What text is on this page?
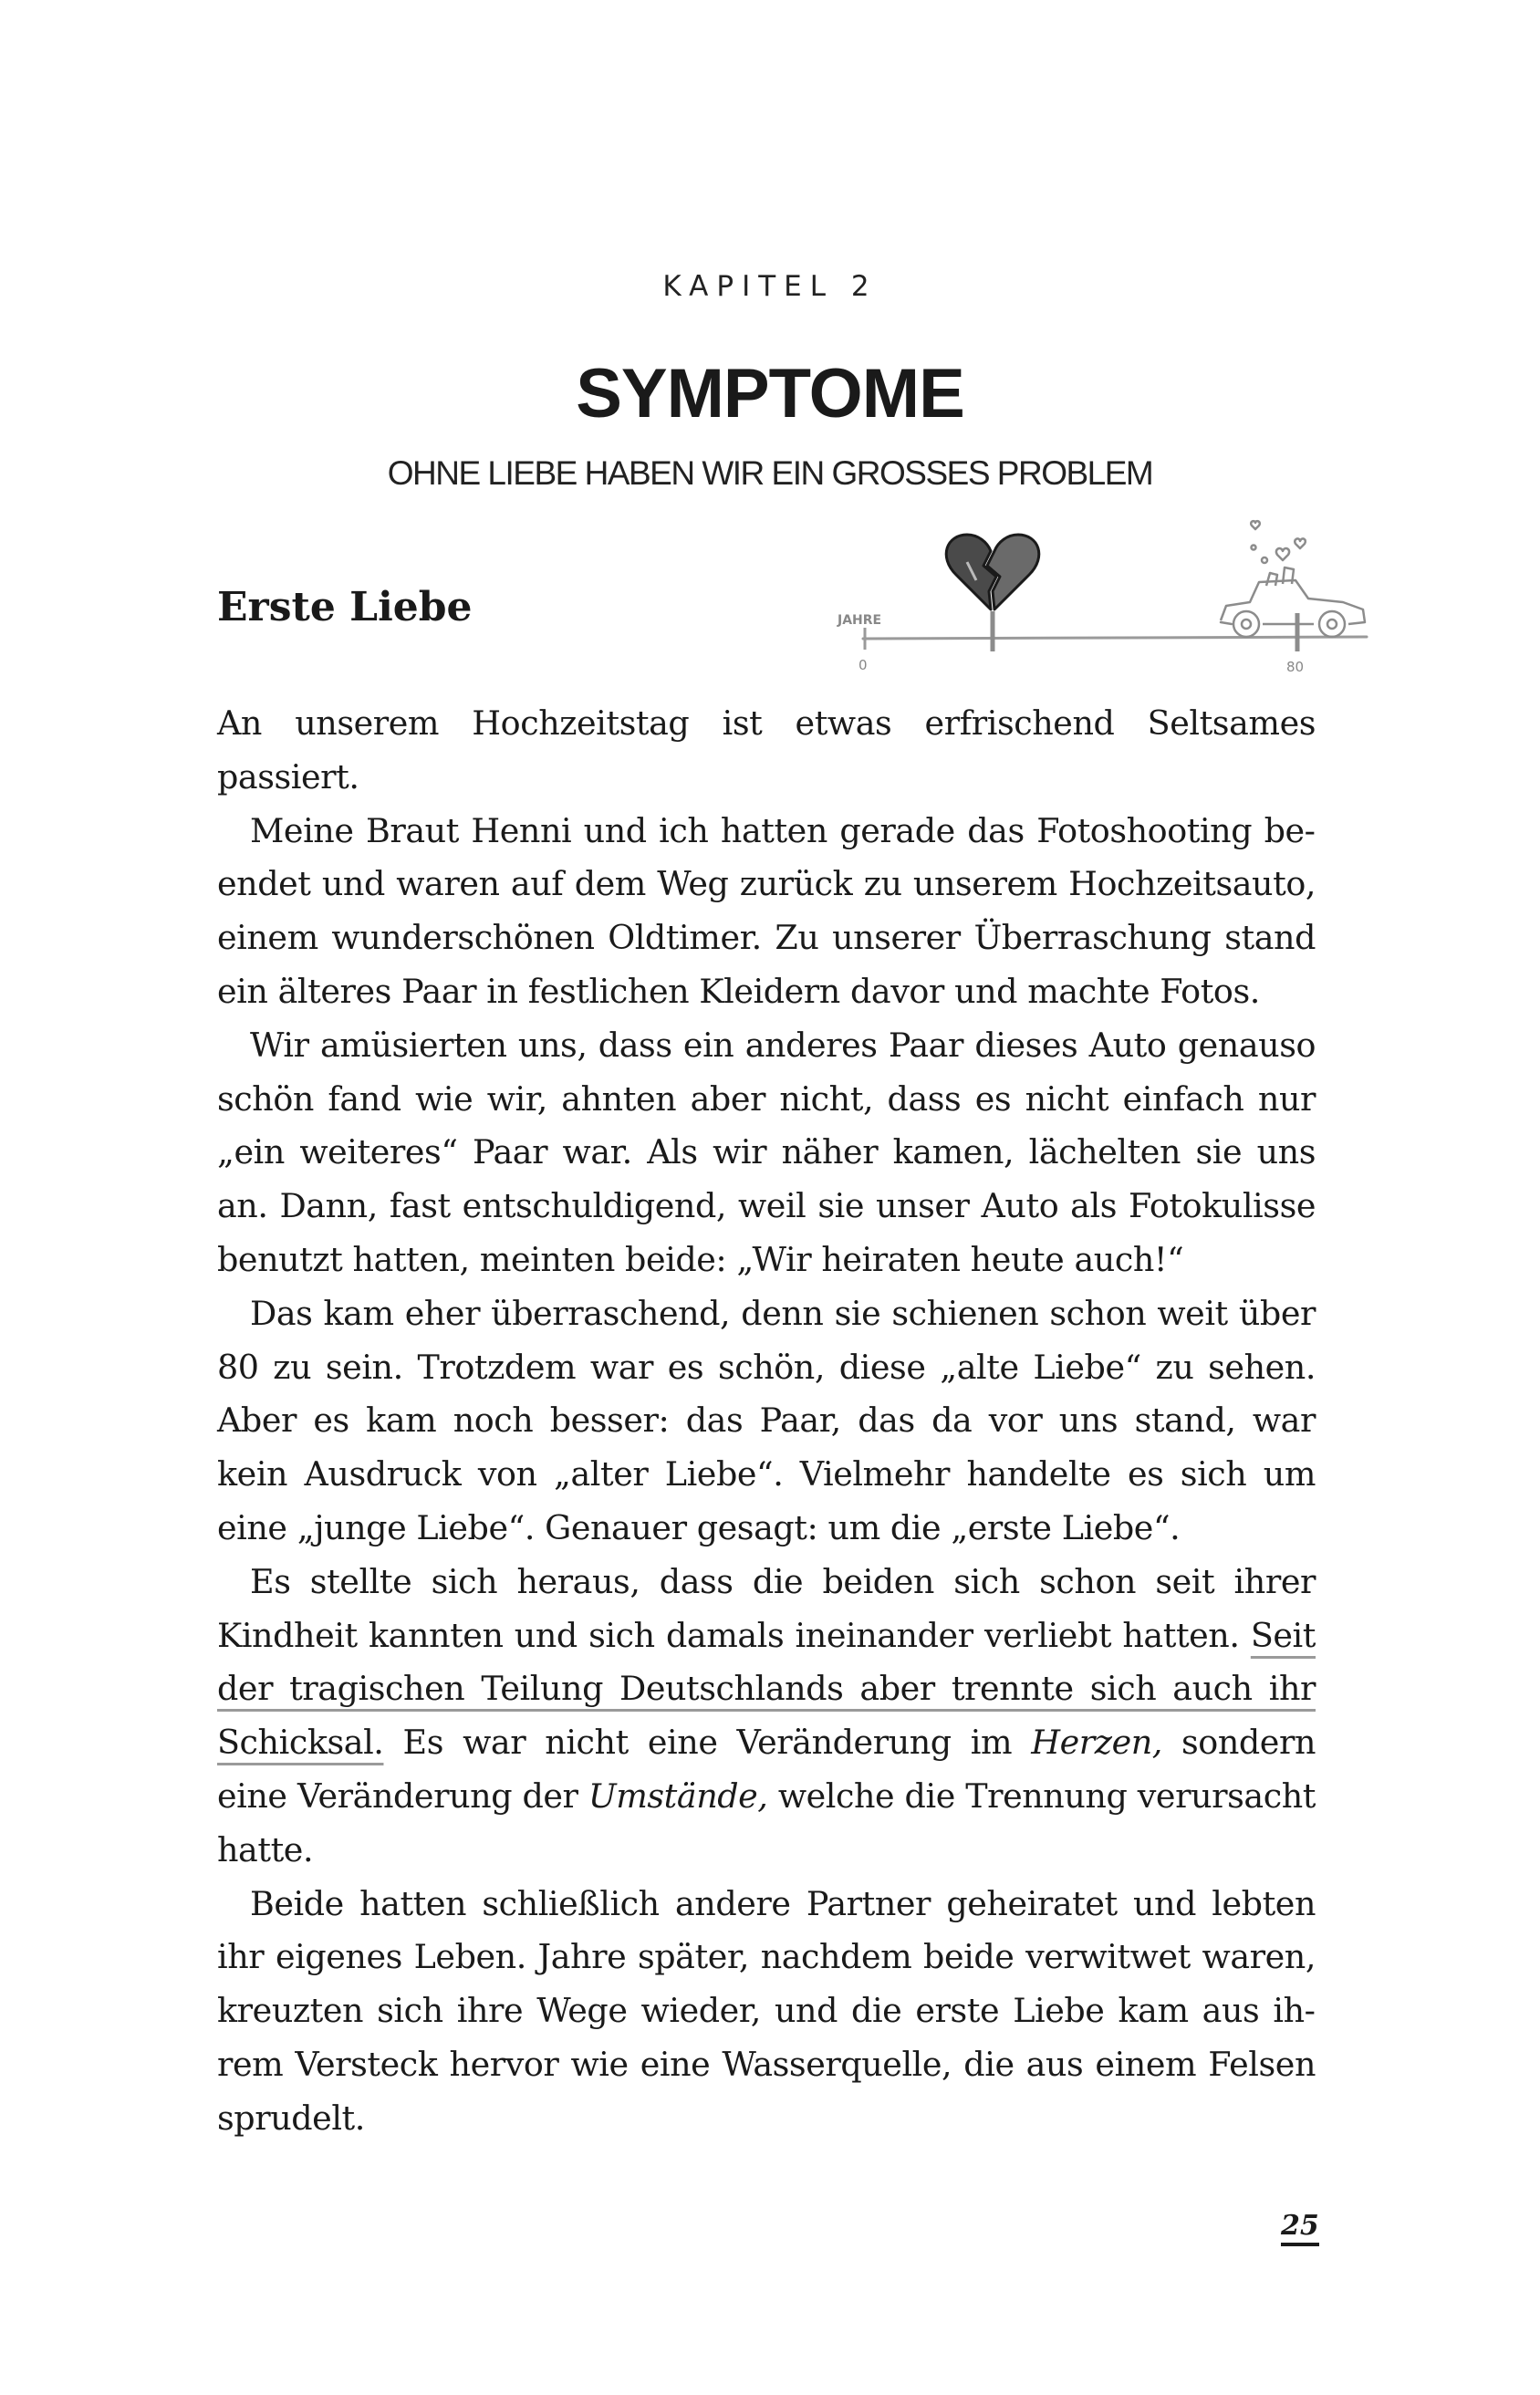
KAPITEL 2
SYMPTOME
OHNE LIEBE HABEN WIR EIN GROSSES PROBLEM
Erste Liebe	JAHRE
0	80

An unserem Hochzeitstag ist etwas erfrischend Seltsames passiert.

Meine Braut Henni und ich hatten gerade das Fotoshooting beendet und waren auf dem Weg zurück zu unserem Hochzeitsauto, einem wunderschönen Oldtimer. Zu unserer Überraschung stand ein älteres Paar in festlichen Kleidern davor und machte Fotos.

Wir amüsierten uns, dass ein anderes Paar dieses Auto genauso schön fand wie wir, ahnten aber nicht, dass es nicht einfach nur „ein weiteres“ Paar war. Als wir näher kamen, lächelten sie uns an. Dann, fast entschuldigend, weil sie unser Auto als Fotokulisse benutzt hatten, meinten beide: „Wir heiraten heute auch!“

Das kam eher überraschend, denn sie schienen schon weit über 80 zu sein. Trotzdem war es schön, diese „alte Liebe“ zu sehen. Aber es kam noch besser: das Paar, das da vor uns stand, war kein Ausdruck von „alter Liebe“. Vielmehr handelte es sich um eine „junge Liebe“. Genauer gesagt: um die „erste Liebe“.

Es stellte sich heraus, dass die beiden sich schon seit ihrer Kindheit kannten und sich damals ineinander verliebt hatten. Seit der tragischen Teilung Deutschlands aber trennte sich auch ihr Schicksal. Es war nicht eine Veränderung im Herzen, sondern eine Veränderung der Umstände, welche die Trennung verursacht hatte.

Beide hatten schließlich andere Partner geheiratet und lebten ihr eigenes Leben. Jahre später, nachdem beide verwitwet waren, kreuzten sich ihre Wege wieder, und die erste Liebe kam aus ihrem Versteck hervor wie eine Wasserquelle, die aus einem Felsen sprudelt.

25
